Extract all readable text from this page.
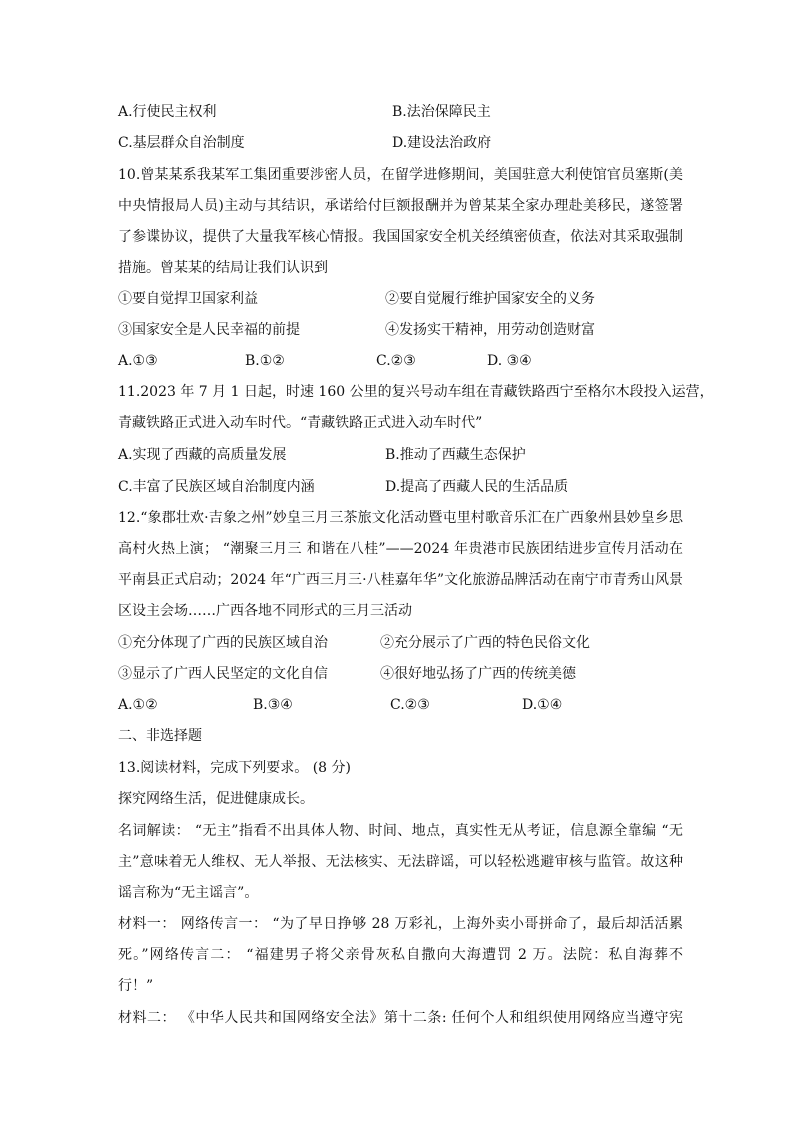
A.行使民主权利	B.法治保障民主
C.基层群众自治制度	D.建设法治政府
10.曾某某系我某军工集团重要涉密人员，在留学进修期间，美国驻意大利使馆官员塞斯(美
中央情报局人员)主动与其结识，承诺给付巨额报酬并为曾某某全家办理赴美移民，遂签署
了参谍协议，提供了大量我军核心情报。我国国家安全机关经缜密侦查，依法对其采取强制
措施。曾某某的结局让我们认识到
①要自觉捍卫国家利益	②要自觉履行维护国家安全的义务
③国家安全是人民幸福的前提	④发扬实干精神，用劳动创造财富
A.①③	B.①②	C.②③	D. ③④
11.2023 年 7 月 1 日起，时速 160 公里的复兴号动车组在青藏铁路西宁至格尔木段投入运营，
青藏铁路正式进入动车时代。“青藏铁路正式进入动车时代”
A.实现了西藏的高质量发展	B.推动了西藏生态保护
C.丰富了民族区域自治制度内涵	D.提高了西藏人民的生活品质
12.“象郡壮欢·吉象之州”妙皇三月三茶旅文化活动暨屯里村歌音乐汇在广西象州县妙皇乡思
高村火热上演； “潮聚三月三 和谐在八桂”——2024 年贵港市民族团结进步宣传月活动在
平南县正式启动；2024 年“广西三月三·八桂嘉年华”文化旅游品牌活动在南宁市青秀山风景
区设主会场……广西各地不同形式的三月三活动
①充分体现了广西的民族区域自治	②充分展示了广西的特色民俗文化
③显示了广西人民坚定的文化自信	④很好地弘扬了广西的传统美德
A.①②	B.③④	C.②③	D.①④
二、非选择题
13.阅读材料，完成下列要求。 (8 分)
探究网络生活，促进健康成长。
名词解读： “无主”指看不出具体人物、时间、地点，真实性无从考证，信息源全靠编 “无
主”意味着无人维权、无人举报、无法核实、无法辟谣，可以轻松逃避审核与监管。故这种
谣言称为“无主谣言”。
材料一： 网络传言一： “为了早日挣够 28 万彩礼，上海外卖小哥拼命了，最后却活活累
死。”网络传言二： “福建男子将父亲骨灰私自撒向大海遭罚 2 万。法院：私自海葬不
行！”
材料二： 《中华人民共和国网络安全法》第十二条: 任何个人和组织使用网络应当遵守宪
